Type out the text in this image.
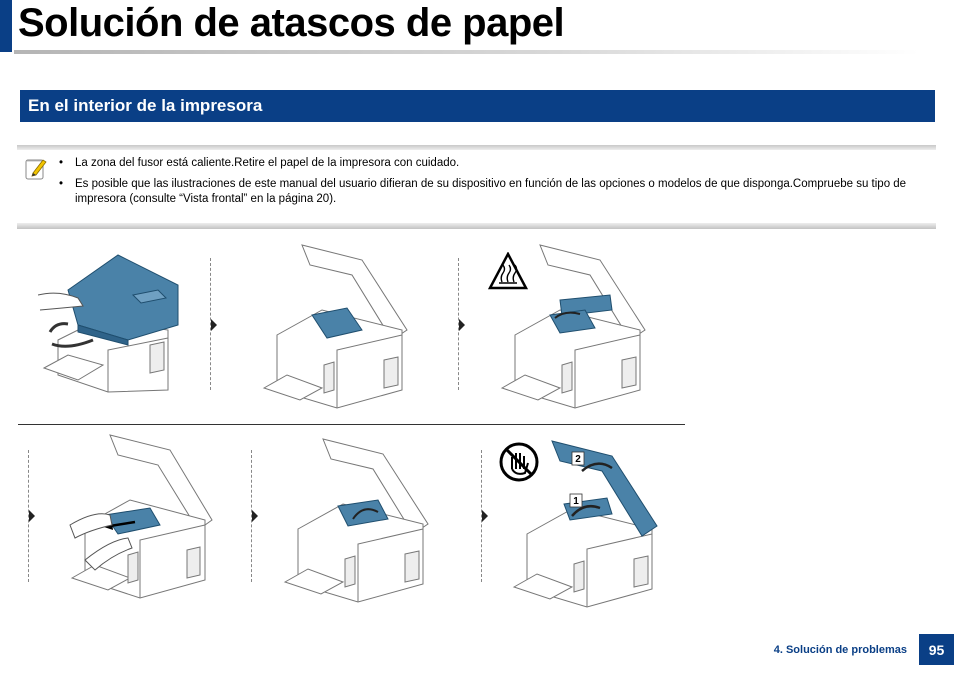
Solución de atascos de papel
En el interior de la impresora
• La zona del fusor está caliente.Retire el papel de la impresora con cuidado.
• Es posible que las ilustraciones de este manual del usuario difieran de su dispositivo en función de las opciones o modelos de que disponga.Compruebe su tipo de impresora (consulte “Vista frontal” en la página 20).
2
1
4. Solución de problemas	95
